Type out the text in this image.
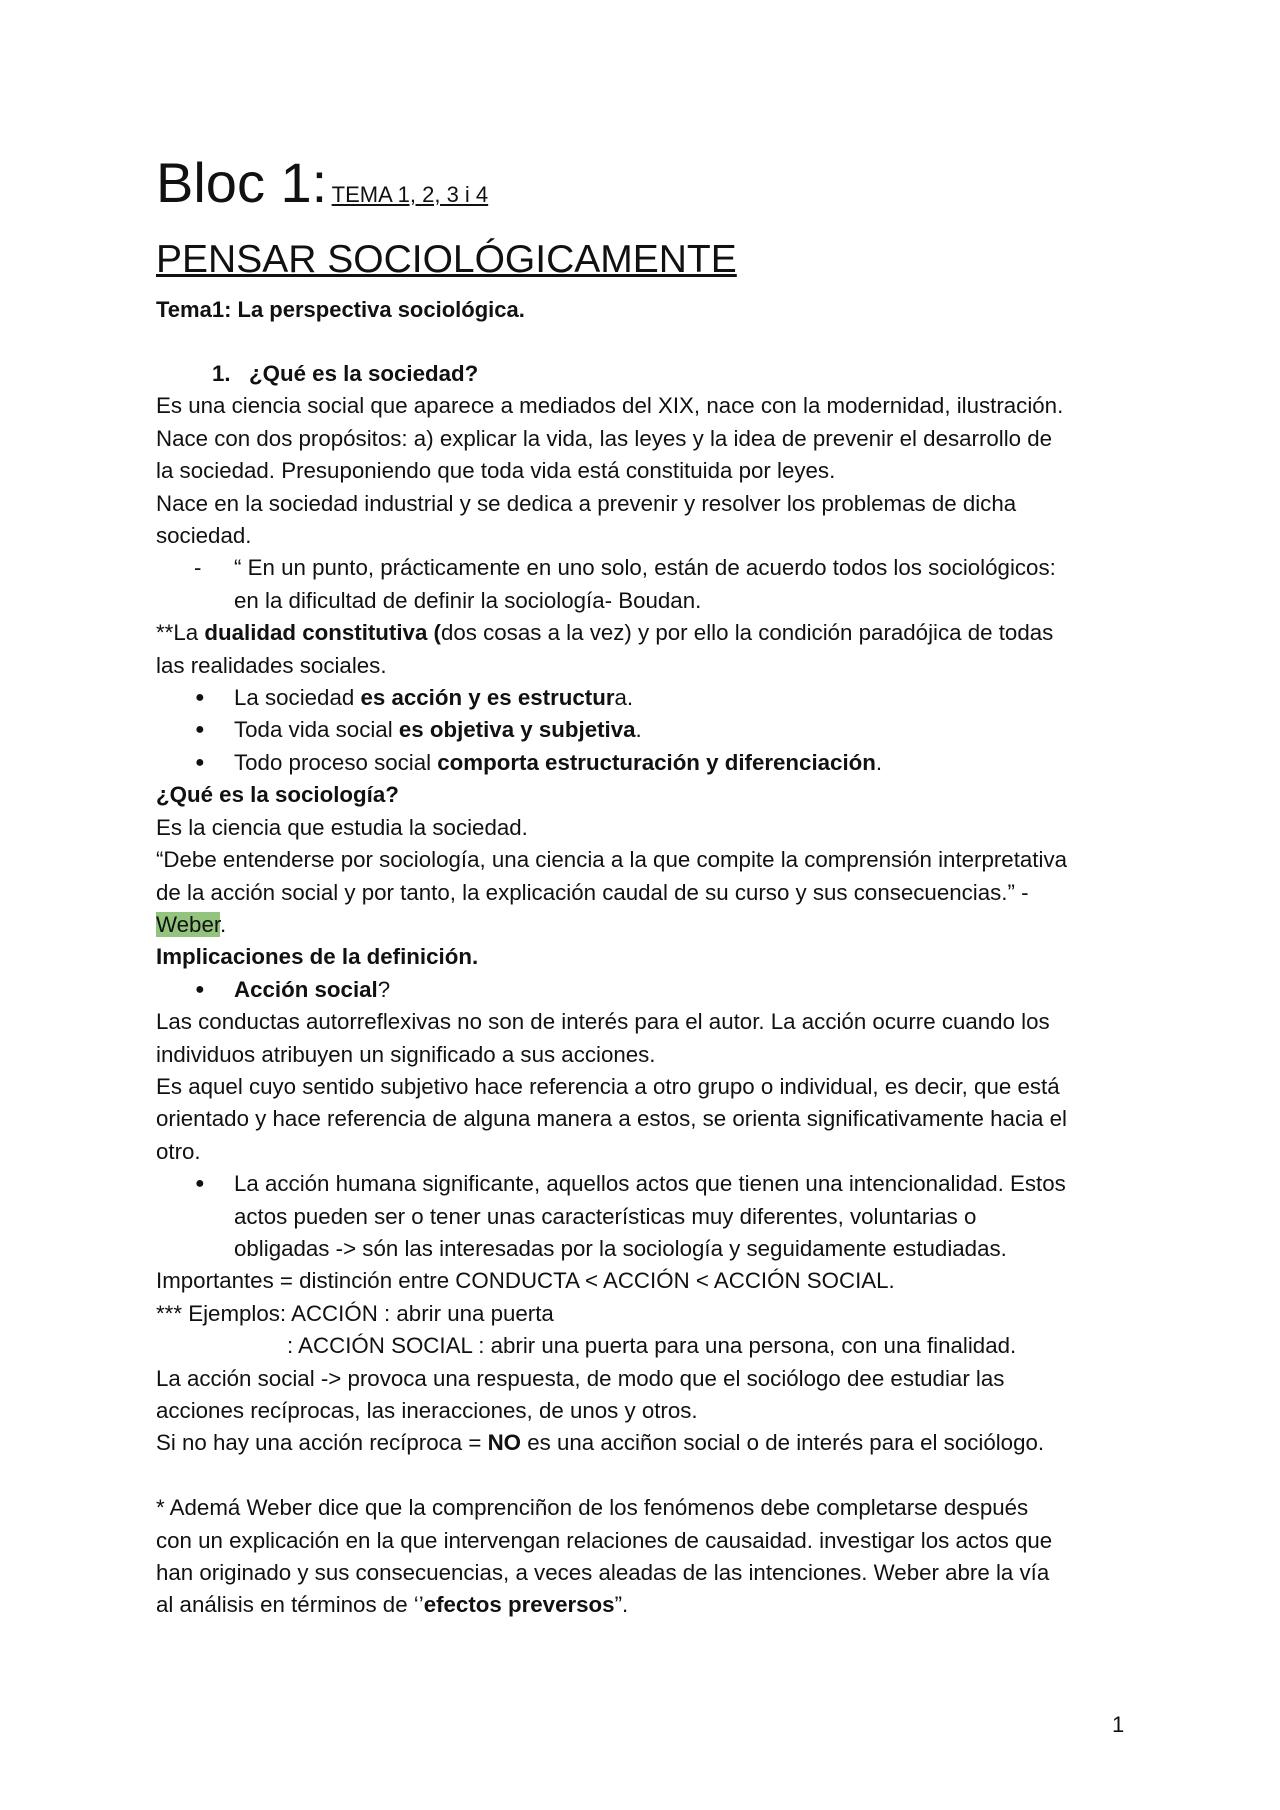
Bloc 1: TEMA 1, 2, 3 i 4
PENSAR SOCIOLÓGICAMENTE
Tema1: La perspectiva sociológica.
1. ¿Qué es la sociedad?
Es una ciencia social que aparece a mediados del XIX, nace con la modernidad, ilustración.
Nace con dos propósitos: a) explicar la vida, las leyes y la idea de prevenir el desarrollo de
la sociedad. Presuponiendo que toda vida está constituida por leyes.
Nace en la sociedad industrial y se dedica a prevenir y resolver los problemas de dicha
sociedad.
- “ En un punto, prácticamente en uno solo, están de acuerdo todos los sociológicos:
en la dificultad de definir la sociología- Boudan.
**La dualidad constitutiva (dos cosas a la vez) y por ello la condición paradójica de todas
las realidades sociales.
● La sociedad es acción y es estructura.
● Toda vida social es objetiva y subjetiva.
● Todo proceso social comporta estructuración y diferenciación.
¿Qué es la sociología?
Es la ciencia que estudia la sociedad.
“Debe entenderse por sociología, una ciencia a la que compite la comprensión interpretativa
de la acción social y por tanto, la explicación caudal de su curso y sus consecuencias.” -
Weber.
Implicaciones de la definición.
● Acción social?
Las conductas autorreflexivas no son de interés para el autor. La acción ocurre cuando los
individuos atribuyen un significado a sus acciones.
Es aquel cuyo sentido subjetivo hace referencia a otro grupo o individual, es decir, que está
orientado y hace referencia de alguna manera a estos, se orienta significativamente hacia el
otro.
● La acción humana significante, aquellos actos que tienen una intencionalidad. Estos
actos pueden ser o tener unas características muy diferentes, voluntarias o
obligadas -> són las interesadas por la sociología y seguidamente estudiadas.
Importantes = distinción entre CONDUCTA < ACCIÓN < ACCIÓN SOCIAL.
*** Ejemplos: ACCIÓN : abrir una puerta
: ACCIÓN SOCIAL : abrir una puerta para una persona, con una finalidad.
La acción social -> provoca una respuesta, de modo que el sociólogo dee estudiar las
acciones recíprocas, las ineracciones, de unos y otros.
Si no hay una acción recíproca = NO es una acciñon social o de interés para el sociólogo.
* Ademá Weber dice que la comprenciñon de los fenómenos debe completarse después
con un explicación en la que intervengan relaciones de causaidad. investigar los actos que
han originado y sus consecuencias, a veces aleadas de las intenciones. Weber abre la vía
al análisis en términos de ‘’efectos preversos”.
1
